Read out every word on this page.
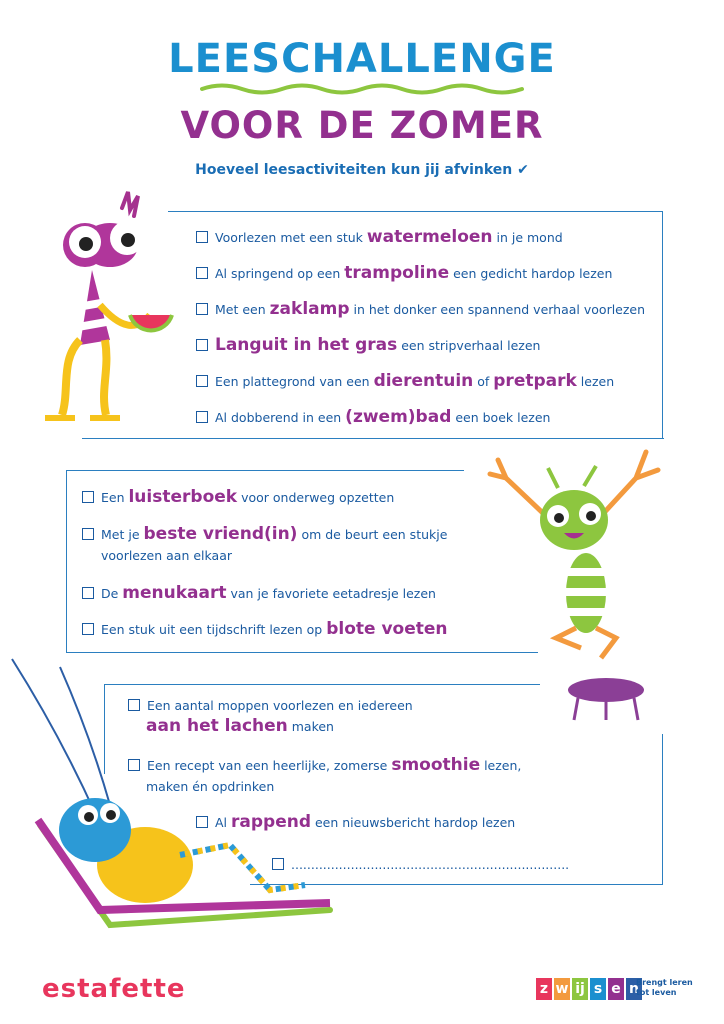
LEESCHALLENGE
VOOR DE ZOMER
Hoeveel leesactiviteiten kun jij afvinken ✔
Voorlezen met een stuk watermeloen in je mond
Al springend op een trampoline een gedicht hardop lezen
Met een zaklamp in het donker een spannend verhaal voorlezen
Languit in het gras een stripverhaal lezen
Een plattegrond van een dierentuin of pretpark lezen
Al dobberend in een (zwem)bad een boek lezen
Een luisterboek voor onderweg opzetten
Met je beste vriend(in) om de beurt een stukje
voorlezen aan elkaar
De menukaart van je favoriete eetadresje lezen
Een stuk uit een tijdschrift lezen op blote voeten
Een aantal moppen voorlezen en iedereen
aan het lachen maken
Een recept van een heerlijke, zomerse smoothie lezen,
maken én opdrinken
Al rappend een nieuwsbericht hardop lezen
......................................................................
estafette	z w ij s e n
Brengt leren
tot leven
